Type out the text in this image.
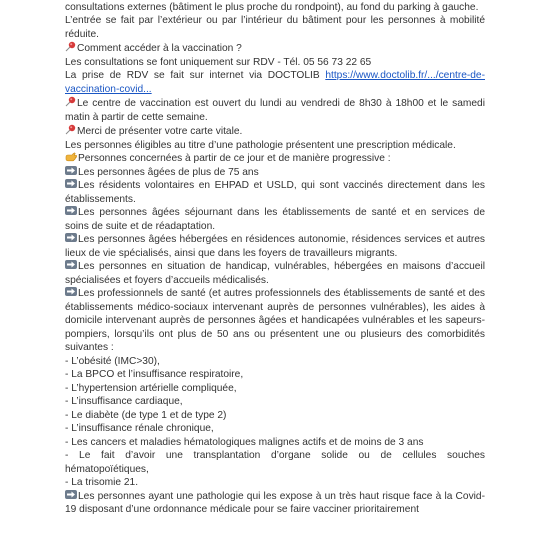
consultations externes (bâtiment le plus proche du rondpoint), au fond du parking à gauche.

L’entrée se fait par l’extérieur ou par l’intérieur du bâtiment pour les personnes à mobilité réduite.

Comment accéder à la vaccination ?

Les consultations se font uniquement sur RDV - Tél. 05 56 73 22 65

La prise de RDV se fait sur internet via DOCTOLIB https://www.doctolib.fr/.../centre-de-vaccination-covid...

Le centre de vaccination est ouvert du lundi au vendredi de 8h30 à 18h00 et le samedi matin à partir de cette semaine.

Merci de présenter votre carte vitale.

Les personnes éligibles au titre d’une pathologie présentent une prescription médicale.

Personnes concernées à partir de ce jour et de manière progressive :

Les personnes âgées de plus de 75 ans
Les résidents volontaires en EHPAD et USLD, qui sont vaccinés directement dans les établissements.
Les personnes âgées séjournant dans les établissements de santé et en services de soins de suite et de réadaptation.
Les personnes âgées hébergées en résidences autonomie, résidences services et autres lieux de vie spécialisés, ainsi que dans les foyers de travailleurs migrants.
Les personnes en situation de handicap, vulnérables, hébergées en maisons d’accueil spécialisées et foyers d’accueils médicalisés.
Les professionnels de santé (et autres professionnels des établissements de santé et des établissements médico-sociaux intervenant auprès de personnes vulnérables), les aides à domicile intervenant auprès de personnes âgées et handicapées vulnérables et les sapeurs-pompiers, lorsqu’ils ont plus de 50 ans ou présentent une ou plusieurs des comorbidités suivantes :
- L’obésité (IMC>30),
- La BPCO et l’insuffisance respiratoire,
- L’hypertension artérielle compliquée,
- L’insuffisance cardiaque,
- Le diabète (de type 1 et de type 2)
- L’insuffisance rénale chronique,
- Les cancers et maladies hématologiques malignes actifs et de moins de 3 ans
- Le fait d’avoir une transplantation d’organe solide ou de cellules souches hématopoïétiques,
- La trisomie 21.

Les personnes ayant une pathologie qui les expose à un très haut risque face à la Covid-19 disposant d’une ordonnance médicale pour se faire vacciner prioritairement
